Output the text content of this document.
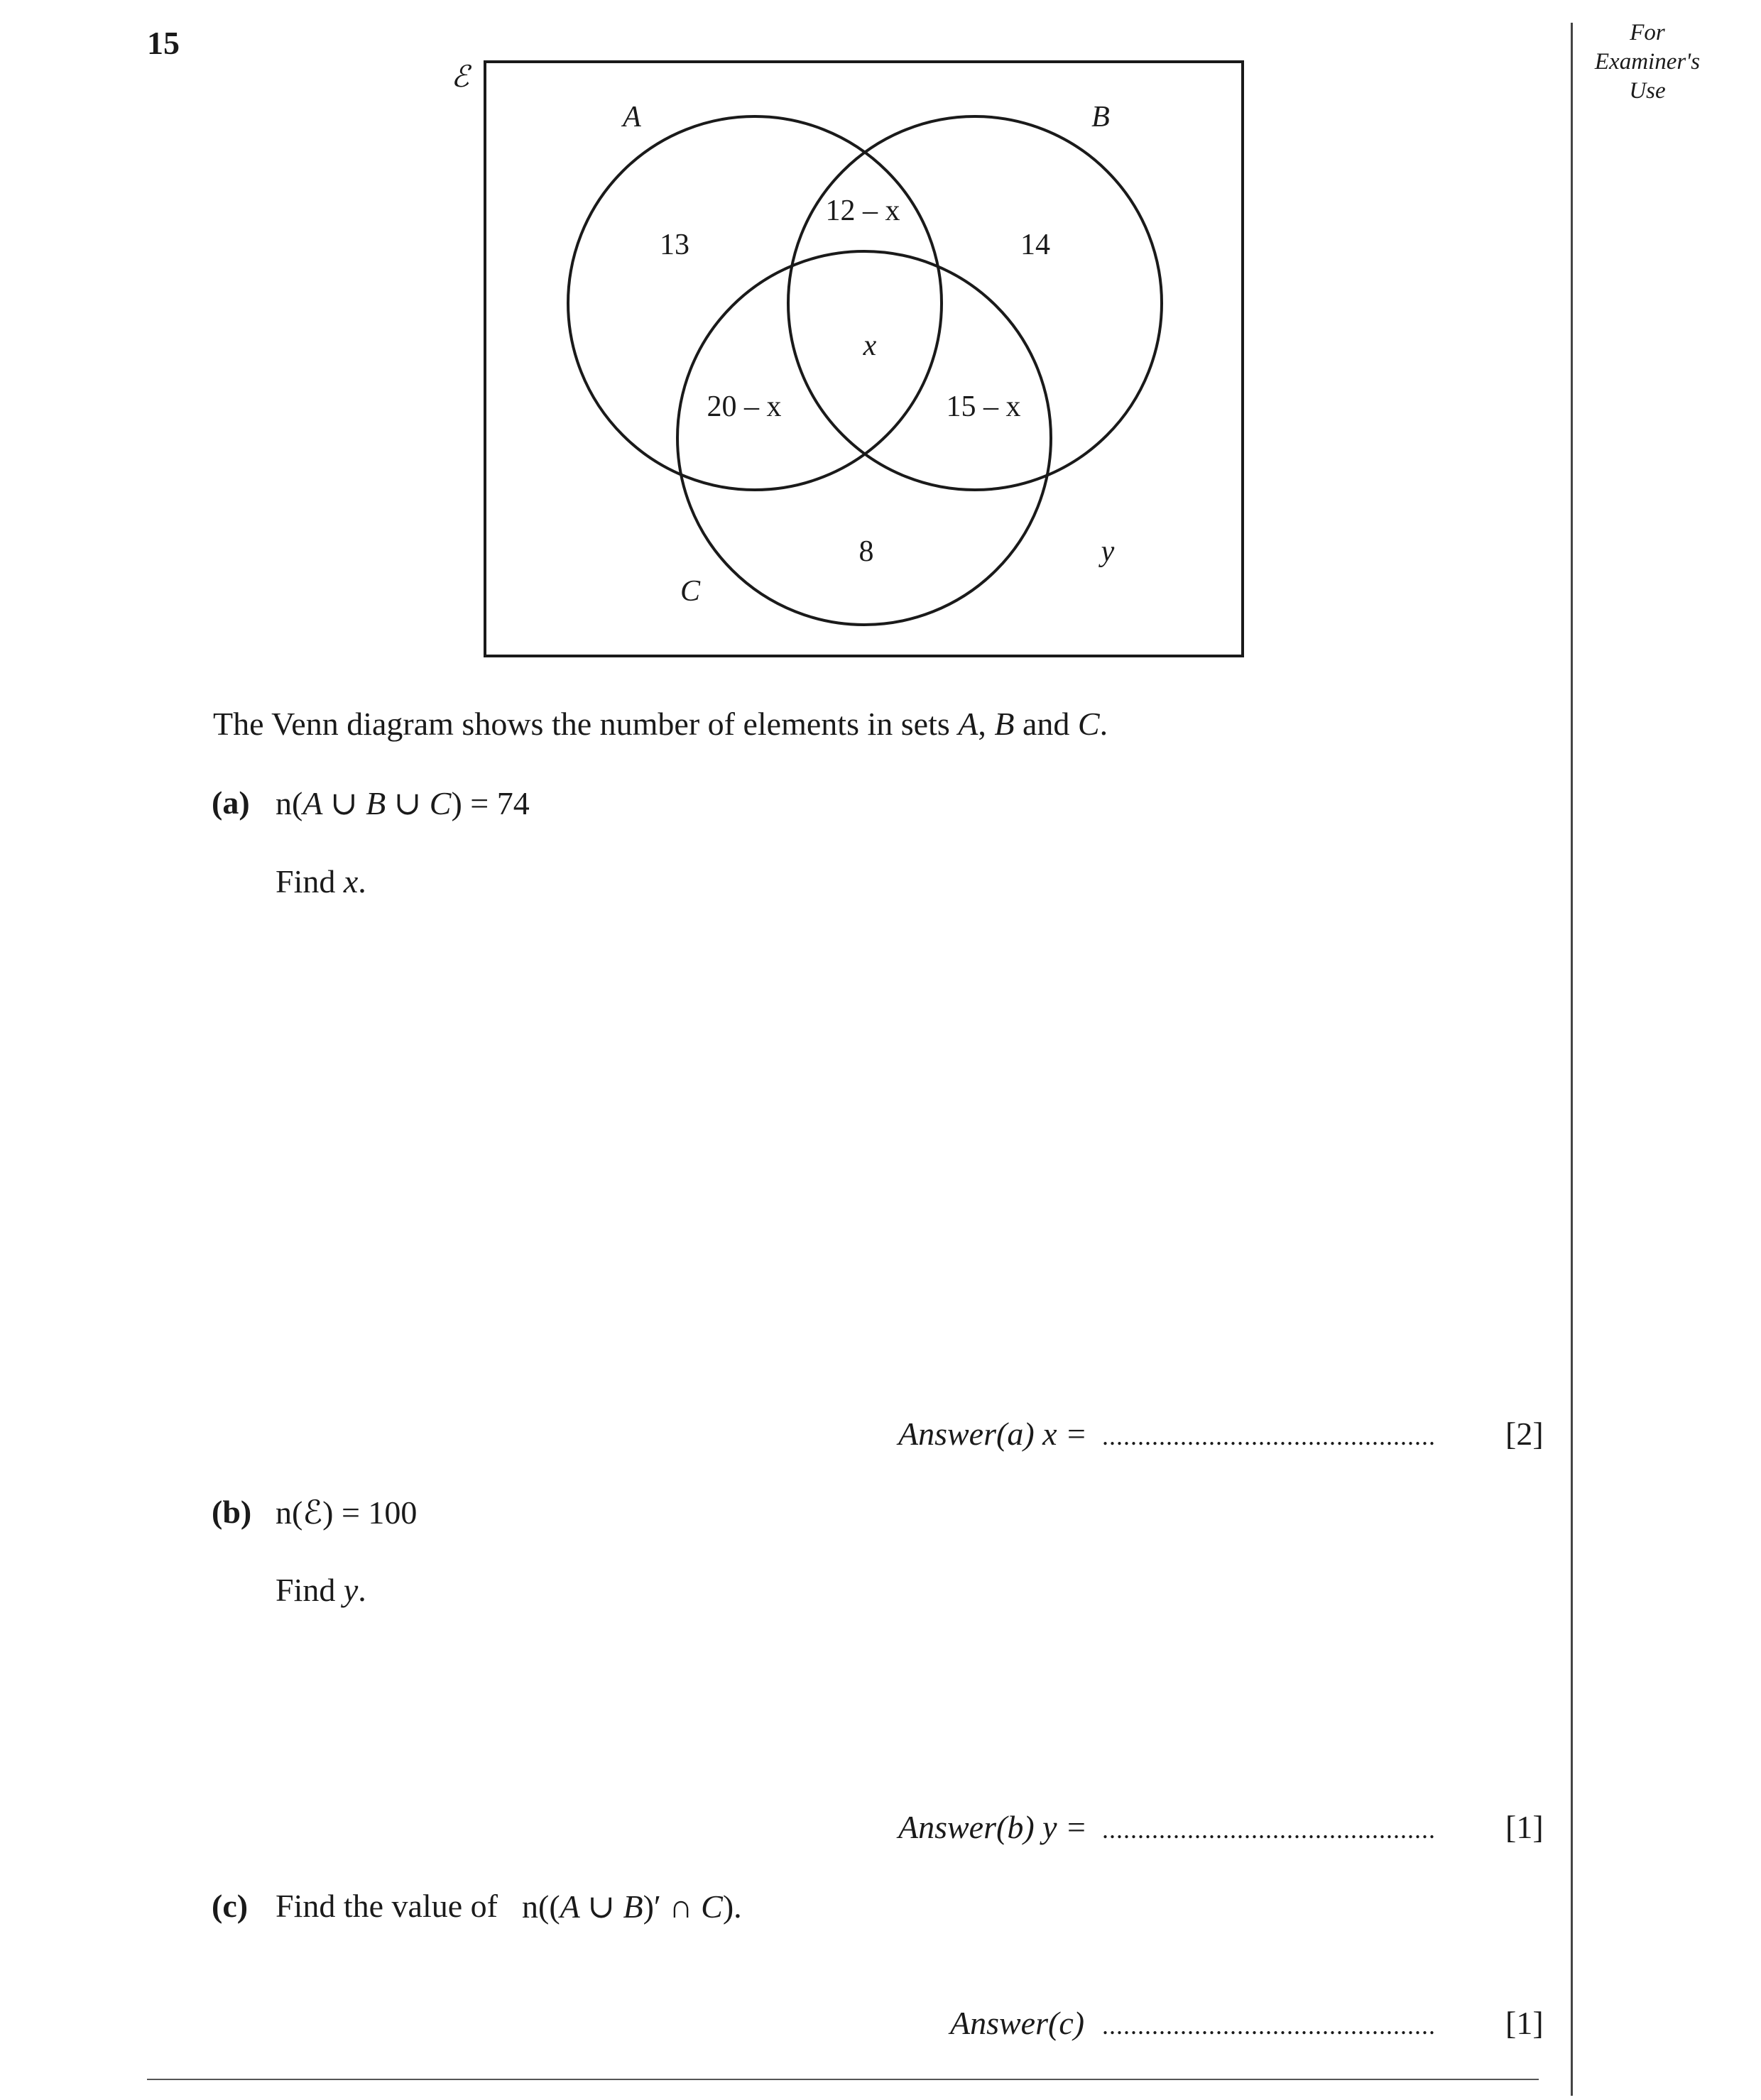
15	For Examiner's Use
ℰ
A	B
C
13
12 – x
14
x
20 – x	15 – x
8	y
The Venn diagram shows the number of elements in sets A, B and C.
(a) n(A ∪ B ∪ C) = 74
Find x.
Answer(a) x = ............................................... [2]
(b) n(ℰ) = 100
Find y.
Answer(b) y = ............................................... [1]
(c) Find the value of n((A ∪ B)′ ∩ C).
Answer(c) ............................................... [1]
